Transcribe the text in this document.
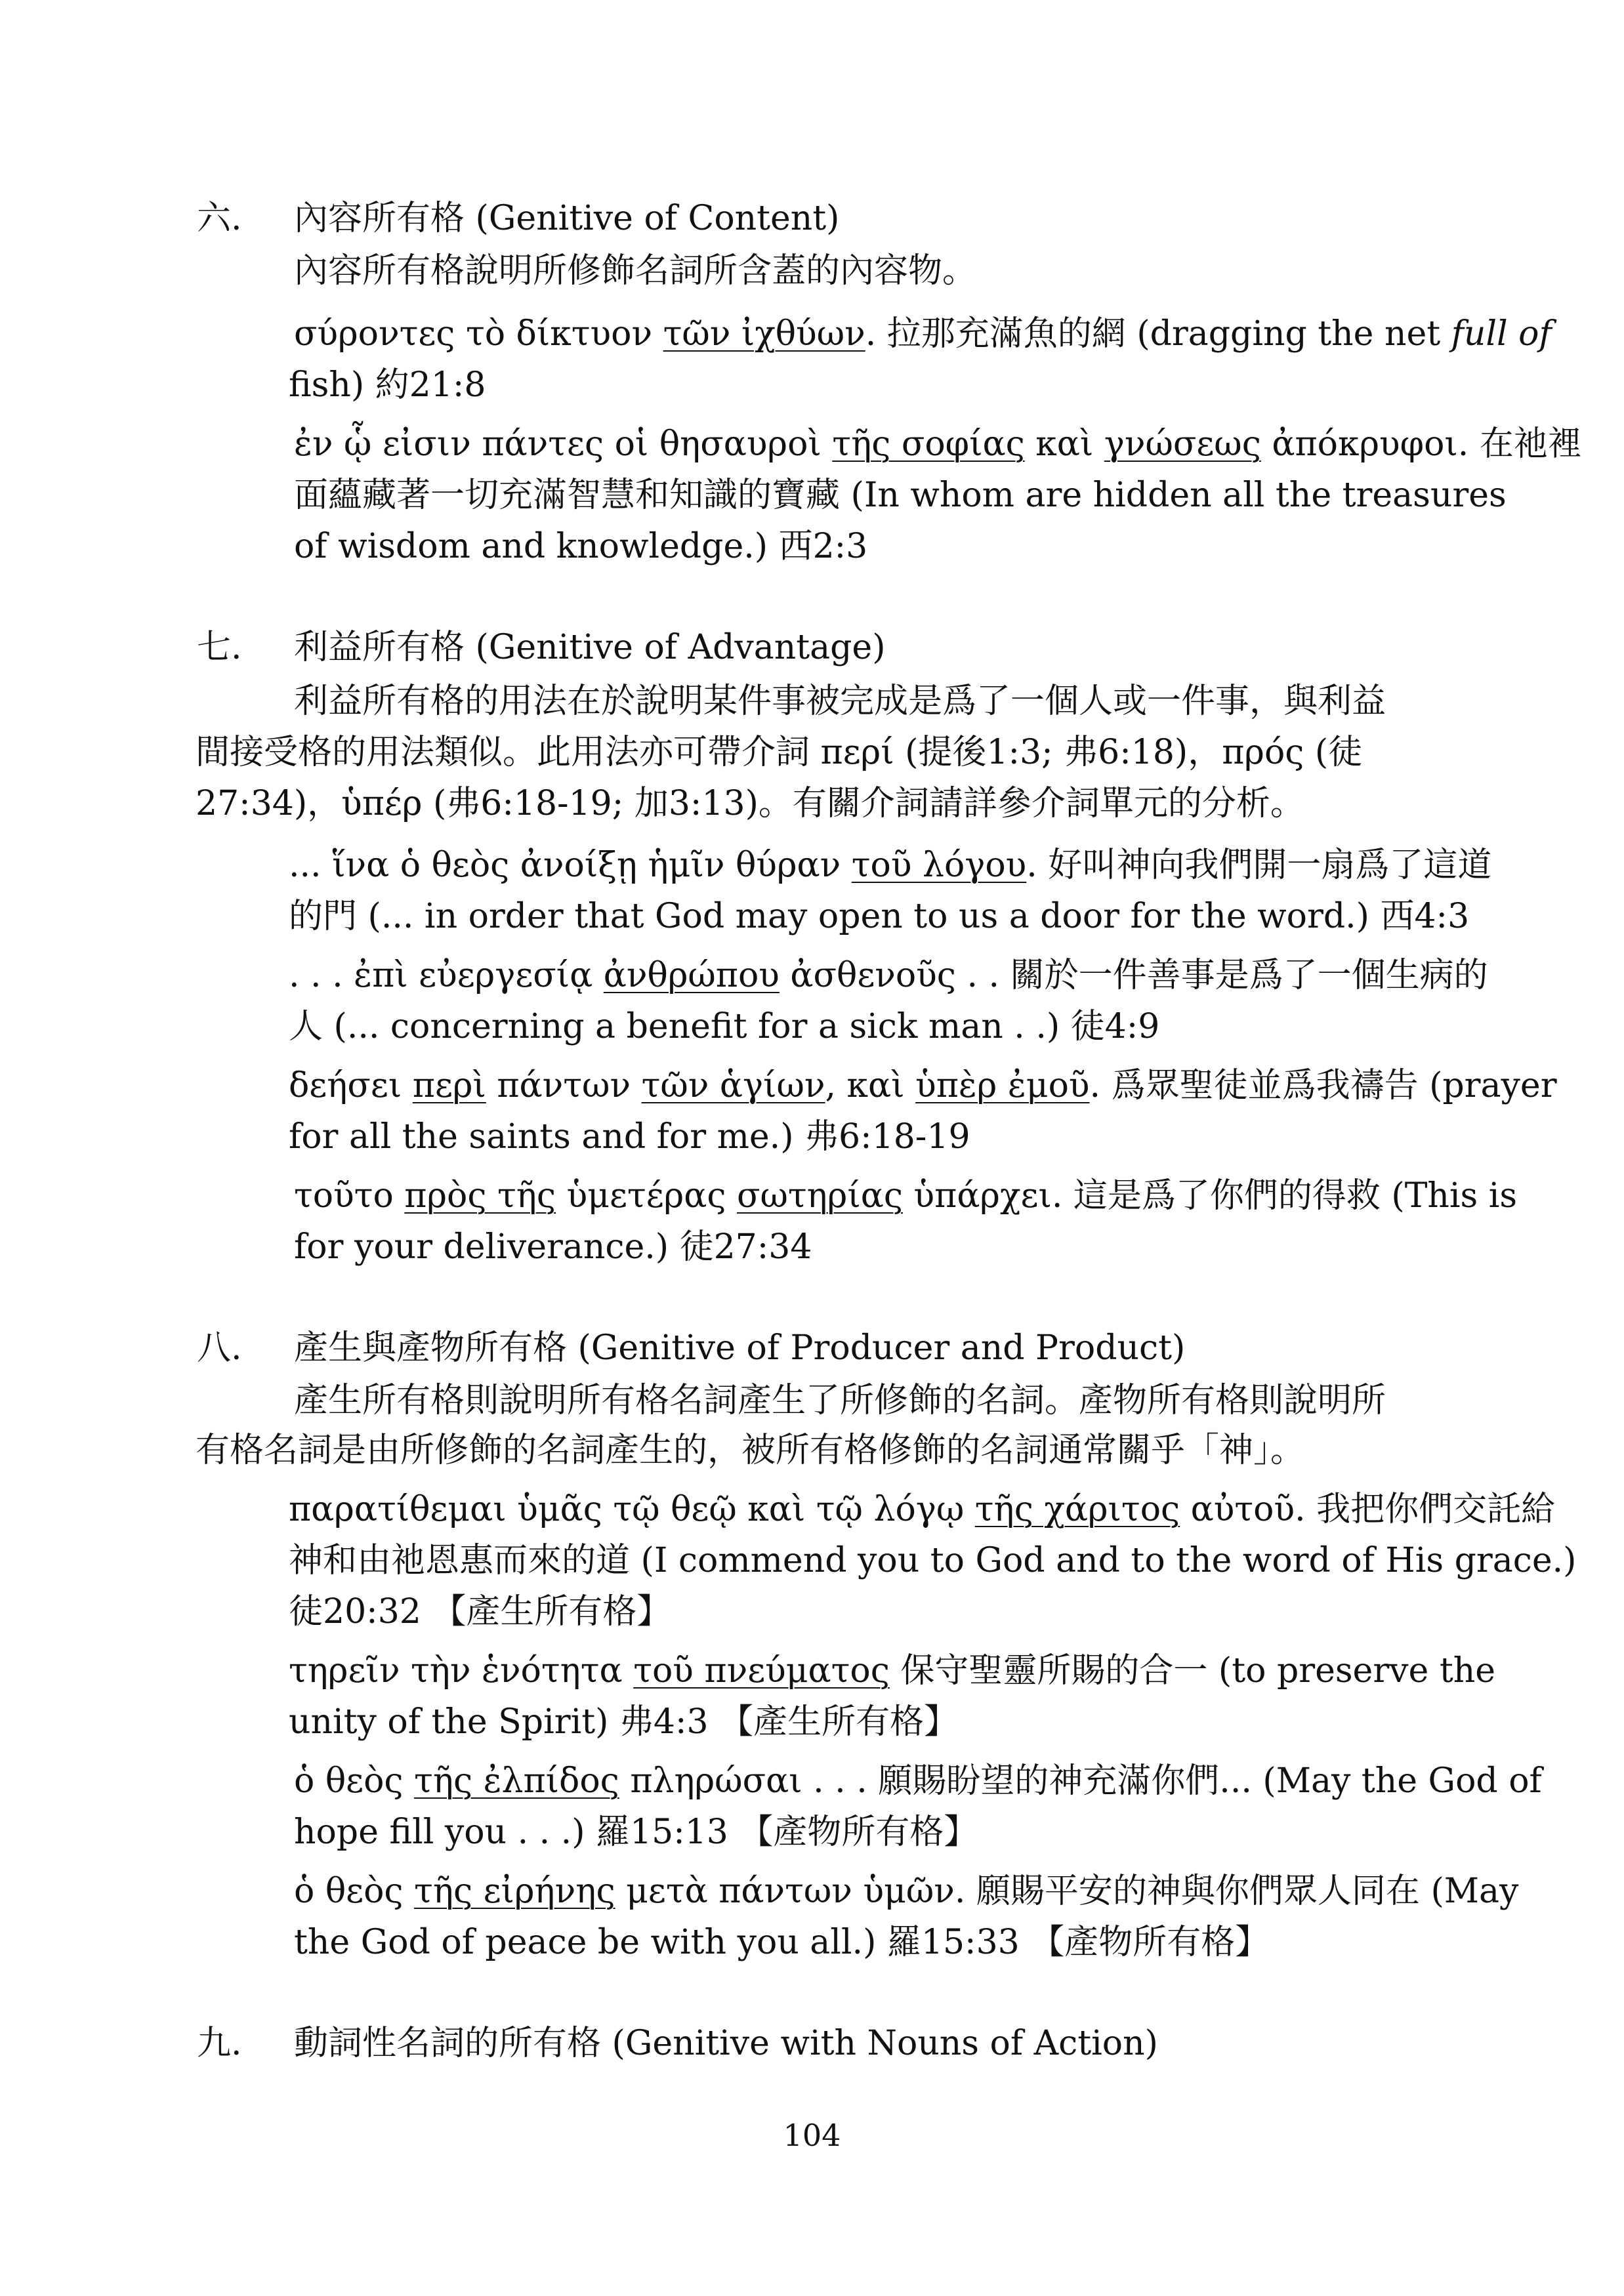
六. 內容所有格 (Genitive of Content)
內容所有格說明所修飾名詞所含蓋的內容物。
σύροντες τὸ δίκτυον τῶν ἰχθύων. 拉那充滿魚的網 (dragging the net full of
fish) 約21:8
ἐν ᾧ εἰσιν πάντες οἱ θησαυροὶ τῆς σοφίας καὶ γνώσεως ἀπόκρυφοι. 在祂裡
面蘊藏著一切充滿智慧和知識的寶藏 (In whom are hidden all the treasures
of wisdom and knowledge.) 西2:3
七. 利益所有格 (Genitive of Advantage)
利益所有格的用法在於說明某件事被完成是爲了一個人或一件事，與利益
間接受格的用法類似。此用法亦可帶介詞 περί (提後1:3; 弗6:18)，πρός (徒
27:34)，ὑπέρ (弗6:18-19; 加3:13)。有關介詞請詳參介詞單元的分析。
... ἵνα ὁ θεὸς ἀνοίξῃ ἡμῖν θύραν τοῦ λόγου. 好叫神向我們開一扇爲了這道
的門 (... in order that God may open to us a door for the word.) 西4:3
. . . ἐπὶ εὐεργεσίᾳ ἀνθρώπου ἀσθενοῦς . . 關於一件善事是爲了一個生病的
人 (... concerning a benefit for a sick man . .) 徒4:9
δεήσει περὶ πάντων τῶν ἁγίων, καὶ ὑπὲρ ἐμοῦ. 爲眾聖徒並爲我禱告 (prayer
for all the saints and for me.) 弗6:18-19
τοῦτο πρὸς τῆς ὑμετέρας σωτηρίας ὑπάρχει. 這是爲了你們的得救 (This is
for your deliverance.) 徒27:34
八. 產生與產物所有格 (Genitive of Producer and Product)
產生所有格則說明所有格名詞產生了所修飾的名詞。產物所有格則說明所
有格名詞是由所修飾的名詞產生的，被所有格修飾的名詞通常關乎「神」。
παρατίθεμαι ὑμᾶς τῷ θεῷ καὶ τῷ λόγῳ τῆς χάριτος αὐτοῦ. 我把你們交託給
神和由祂恩惠而來的道 (I commend you to God and to the word of His grace.)
徒20:32 【產生所有格】
τηρεῖν τὴν ἑνότητα τοῦ πνεύματος 保守聖靈所賜的合一 (to preserve the
unity of the Spirit) 弗4:3 【產生所有格】
ὁ θεὸς τῆς ἐλπίδος πληρώσαι . . . 願賜盼望的神充滿你們... (May the God of
hope fill you . . .) 羅15:13 【產物所有格】
ὁ θεὸς τῆς εἰρήνης μετὰ πάντων ὑμῶν. 願賜平安的神與你們眾人同在 (May
the God of peace be with you all.) 羅15:33 【產物所有格】
九. 動詞性名詞的所有格 (Genitive with Nouns of Action)
104
